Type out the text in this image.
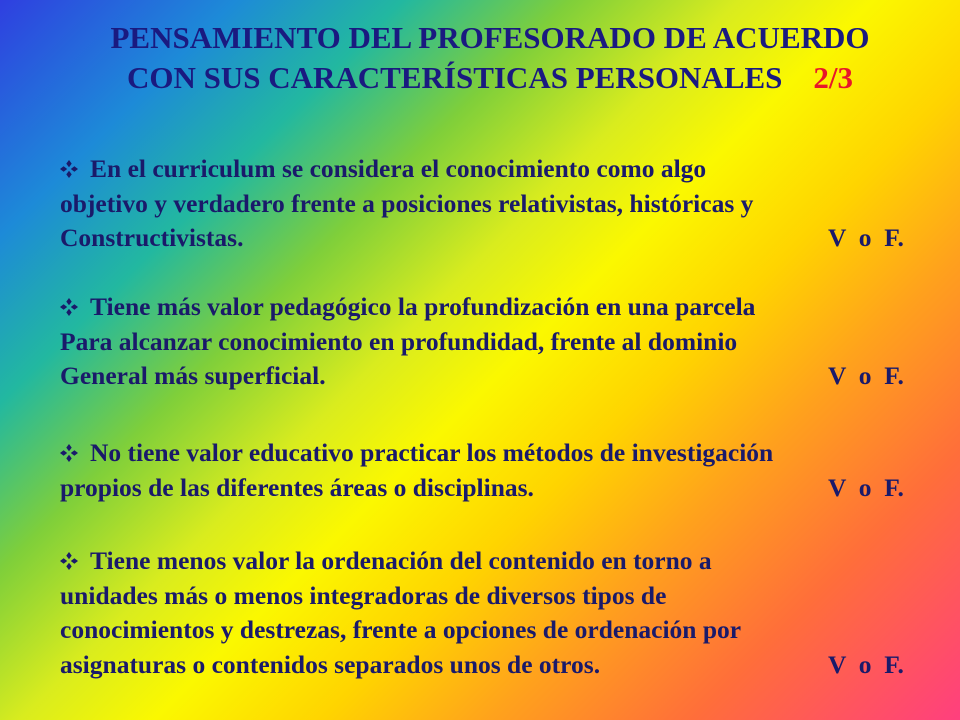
PENSAMIENTO DEL PROFESORADO DE ACUERDO
CON SUS CARACTERÍSTICAS PERSONALES 2/3
En el curriculum se considera el conocimiento como algo
objetivo y verdadero frente a posiciones relativistas, históricas y
Constructivistas.	V  o  F.
Tiene más valor pedagógico la profundización en una parcela
Para alcanzar conocimiento en profundidad, frente al dominio
General más superficial.	V  o  F.
No tiene valor educativo practicar los métodos de investigación
propios de las diferentes áreas o disciplinas.	V  o  F.
Tiene menos valor la ordenación del contenido en torno a
unidades más o menos integradoras de diversos tipos de
conocimientos y destrezas, frente a opciones de ordenación por
asignaturas o contenidos separados unos de otros.	V  o  F.
